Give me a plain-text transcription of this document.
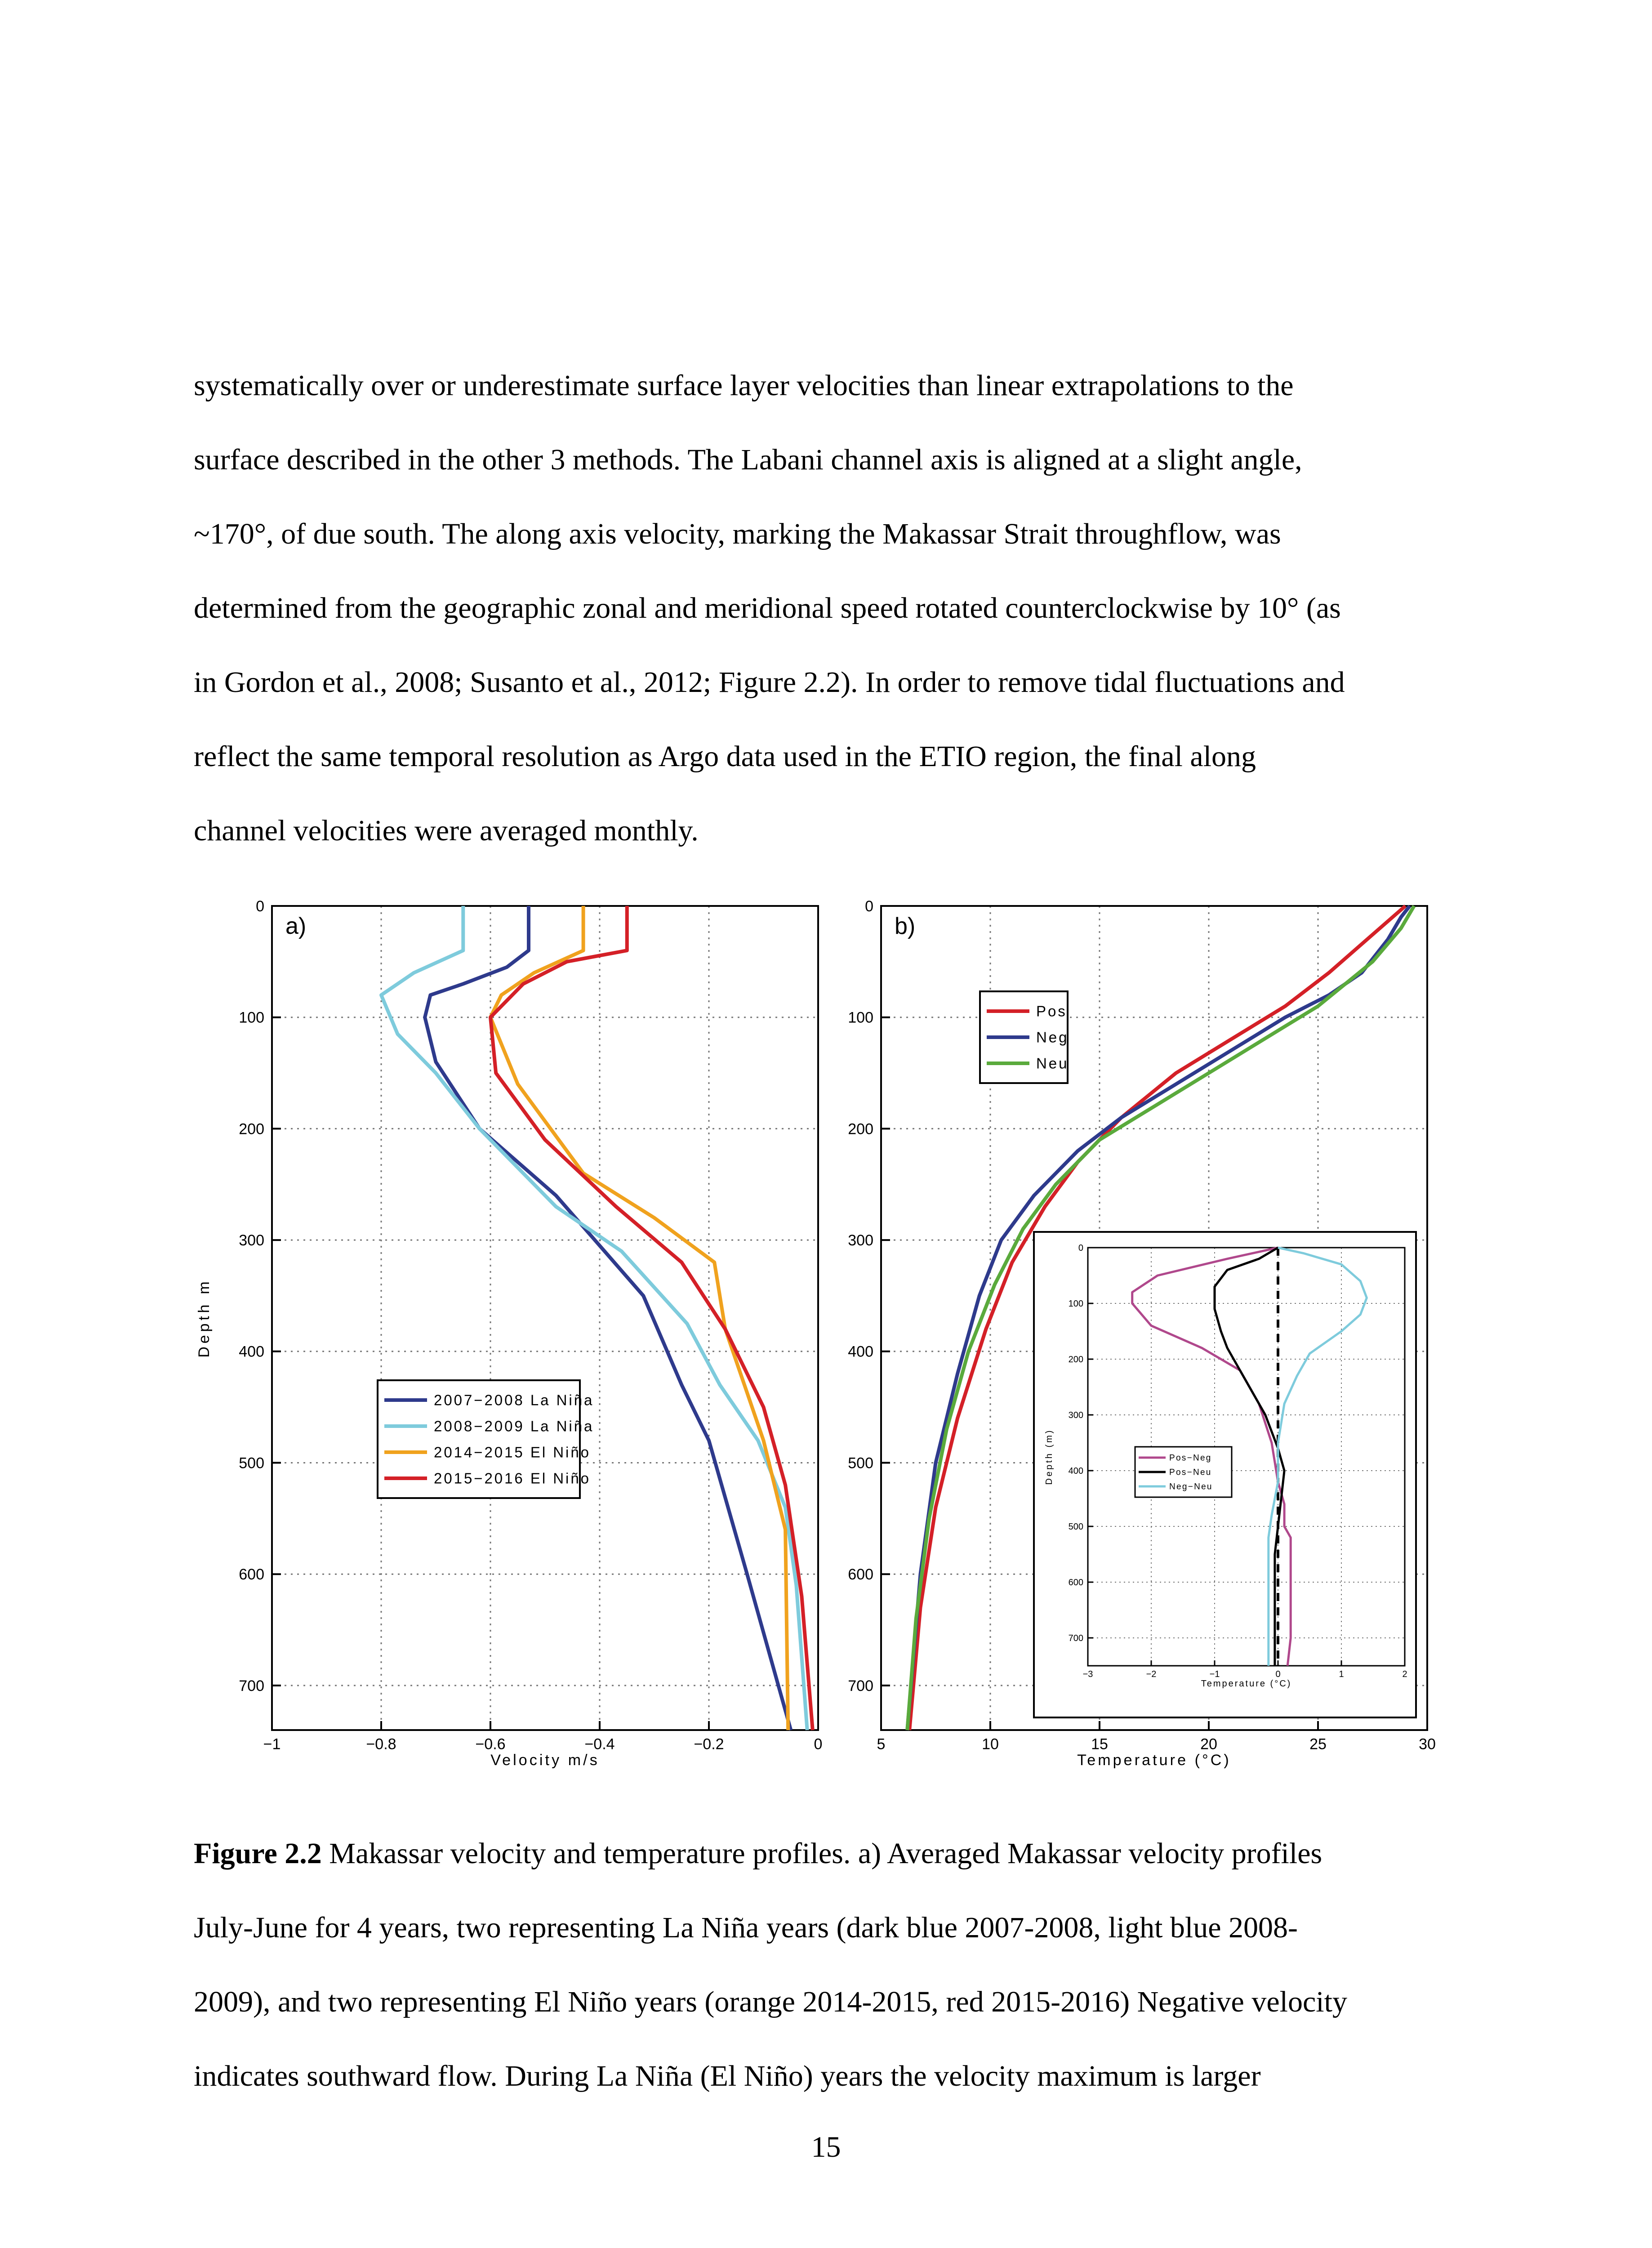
systematically over or underestimate surface layer velocities than linear extrapolations to the
surface described in the other 3 methods. The Labani channel axis is aligned at a slight angle,
~170°, of due south. The along axis velocity, marking the Makassar Strait throughflow, was
determined from the geographic zonal and meridional speed rotated counterclockwise by 10° (as
in Gordon et al., 2008; Susanto et al., 2012; Figure 2.2). In order to remove tidal fluctuations and
reflect the same temporal resolution as Argo data used in the ETIO region, the final along
channel velocities were averaged monthly.
−1	−0.8	−0.6	−0.4	−0.2	0
0
100
200
300
400
500
600
700
Velocity m/s
Depth m
a)
2007−2008 La Niña
2008−2009 La Niña
2014−2015 El Niño
2015−2016 El Niño
5	10	15	20	25	30
0
100
200
300
400
500
600
700
Temperature (°C)
b)
Pos
Neg
Neu
−3	−2	−1	0	1	2
0
100
200
300
400
500
600
700
Temperature (°C)
Depth (m)	Pos−Neg
Pos−Neu
Neg−Neu
Figure 2.2 Makassar velocity and temperature profiles. a) Averaged Makassar velocity profiles
July-June for 4 years, two representing La Niña years (dark blue 2007-2008, light blue 2008-
2009), and two representing El Niño years (orange 2014-2015, red 2015-2016) Negative velocity
indicates southward flow. During La Niña (El Niño) years the velocity maximum is larger
15
